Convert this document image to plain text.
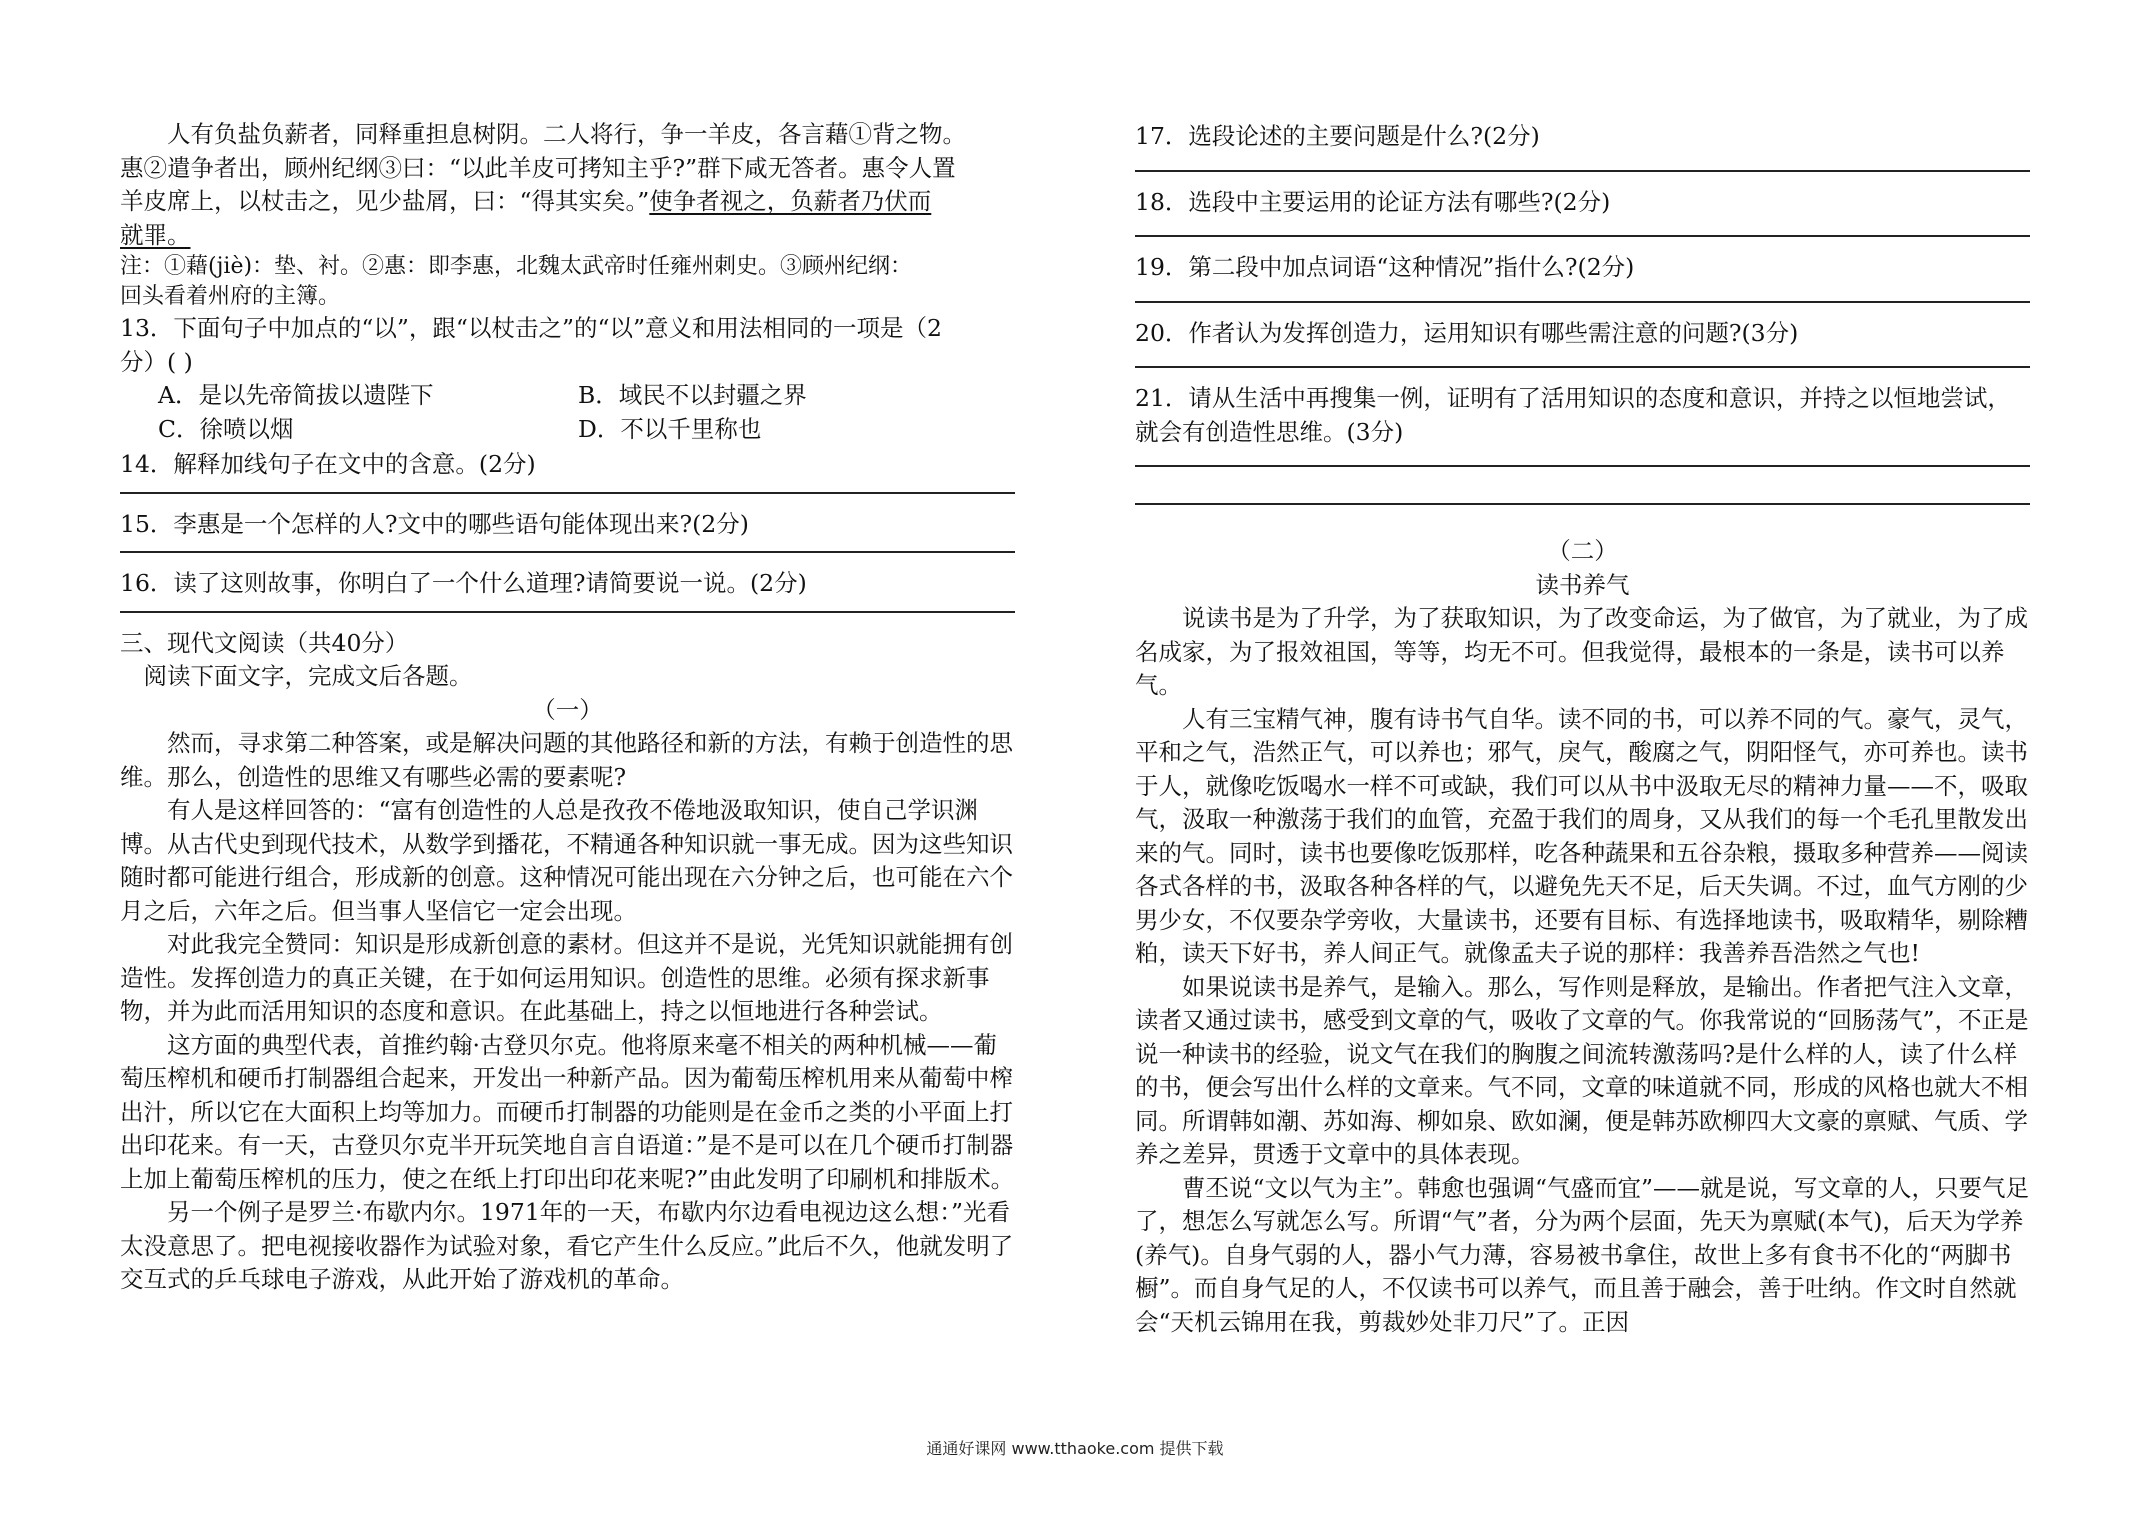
人有负盐负薪者，同释重担息树阴。二人将行，争一羊皮，各言藉①背之物。

惠②遣争者出，顾州纪纲③曰：“以此羊皮可拷知主乎?”群下咸无答者。惠令人置

羊皮席上，以杖击之，见少盐屑，曰：“得其实矣。”使争者视之，负薪者乃伏而

就罪。

注：①藉(jiè)：垫、衬。②惠：即李惠，北魏太武帝时任雍州刺史。③顾州纪纲：

回头看着州府的主簿。

13．下面句子中加点的“以”，跟“以杖击之”的“以”意义和用法相同的一项是（2

分）( )

A．是以先帝简拔以遗陛下	B．域民不以封疆之界
C．徐喷以烟	D．不以千里称也

14．解释加线句子在文中的含意。(2分)

15．李惠是一个怎样的人?文中的哪些语句能体现出来?(2分)

16．读了这则故事，你明白了一个什么道理?请简要说一说。(2分)

三、现代文阅读（共40分）

阅读下面文字，完成文后各题。

（一）

然而，寻求第二种答案，或是解决问题的其他路径和新的方法，有赖于创造性的思维。那么，创造性的思维又有哪些必需的要素呢?

有人是这样回答的：“富有创造性的人总是孜孜不倦地汲取知识，使自己学识渊博。从古代史到现代技术，从数学到播花，不精通各种知识就一事无成。因为这些知识随时都可能进行组合，形成新的创意。这种情况可能出现在六分钟之后，也可能在六个月之后，六年之后。但当事人坚信它一定会出现。

对此我完全赞同：知识是形成新创意的素材。但这并不是说，光凭知识就能拥有创造性。发挥创造力的真正关键，在于如何运用知识。创造性的思维。必须有探求新事物，并为此而活用知识的态度和意识。在此基础上，持之以恒地进行各种尝试。

这方面的典型代表，首推约翰·古登贝尔克。他将原来毫不相关的两种机械——葡萄压榨机和硬币打制器组合起来，开发出一种新产品。因为葡萄压榨机用来从葡萄中榨出汁，所以它在大面积上均等加力。而硬币打制器的功能则是在金币之类的小平面上打出印花来。有一天，古登贝尔克半开玩笑地自言自语道：”是不是可以在几个硬币打制器上加上葡萄压榨机的压力，使之在纸上打印出印花来呢?”由此发明了印刷机和排版术。

另一个例子是罗兰·布歇内尔。1971年的一天，布歇内尔边看电视边这么想：”光看太没意思了。把电视接收器作为试验对象，看它产生什么反应。”此后不久，他就发明了交互式的乒乓球电子游戏，从此开始了游戏机的革命。

17．选段论述的主要问题是什么?(2分)

18．选段中主要运用的论证方法有哪些?(2分)

19．第二段中加点词语“这种情况”指什么?(2分)

20．作者认为发挥创造力，运用知识有哪些需注意的问题?(3分)

21．请从生活中再搜集一例，证明有了活用知识的态度和意识，并持之以恒地尝试，就会有创造性思维。(3分)

（二）

读书养气

说读书是为了升学，为了获取知识，为了改变命运，为了做官，为了就业，为了成名成家，为了报效祖国，等等，均无不可。但我觉得，最根本的一条是，读书可以养气。

人有三宝精气神，腹有诗书气自华。读不同的书，可以养不同的气。豪气，灵气，平和之气，浩然正气，可以养也；邪气，戾气，酸腐之气，阴阳怪气，亦可养也。读书于人，就像吃饭喝水一样不可或缺，我们可以从书中汲取无尽的精神力量——不，吸取气，汲取一种激荡于我们的血管，充盈于我们的周身，又从我们的每一个毛孔里散发出来的气。同时，读书也要像吃饭那样，吃各种蔬果和五谷杂粮，摄取多种营养——阅读各式各样的书，汲取各种各样的气，以避免先天不足，后天失调。不过，血气方刚的少男少女，不仅要杂学旁收，大量读书，还要有目标、有选择地读书，吸取精华，剔除糟粕，读天下好书，养人间正气。就像孟夫子说的那样：我善养吾浩然之气也!

如果说读书是养气，是输入。那么，写作则是释放，是输出。作者把气注入文章，读者又通过读书，感受到文章的气，吸收了文章的气。你我常说的“回肠荡气”，不正是说一种读书的经验，说文气在我们的胸腹之间流转激荡吗?是什么样的人，读了什么样的书，便会写出什么样的文章来。气不同，文章的味道就不同，形成的风格也就大不相同。所谓韩如潮、苏如海、柳如泉、欧如澜，便是韩苏欧柳四大文豪的禀赋、气质、学养之差异，贯透于文章中的具体表现。

曹丕说“文以气为主”。韩愈也强调“气盛而宜”——就是说，写文章的人，只要气足了，想怎么写就怎么写。所谓“气”者，分为两个层面，先天为禀赋(本气)，后天为学养(养气)。自身气弱的人，器小气力薄，容易被书拿住，故世上多有食书不化的“两脚书橱”。而自身气足的人，不仅读书可以养气，而且善于融会，善于吐纳。作文时自然就会“天机云锦用在我，剪裁妙处非刀尺”了。正因

通通好课网 www.tthaoke.com 提供下载
